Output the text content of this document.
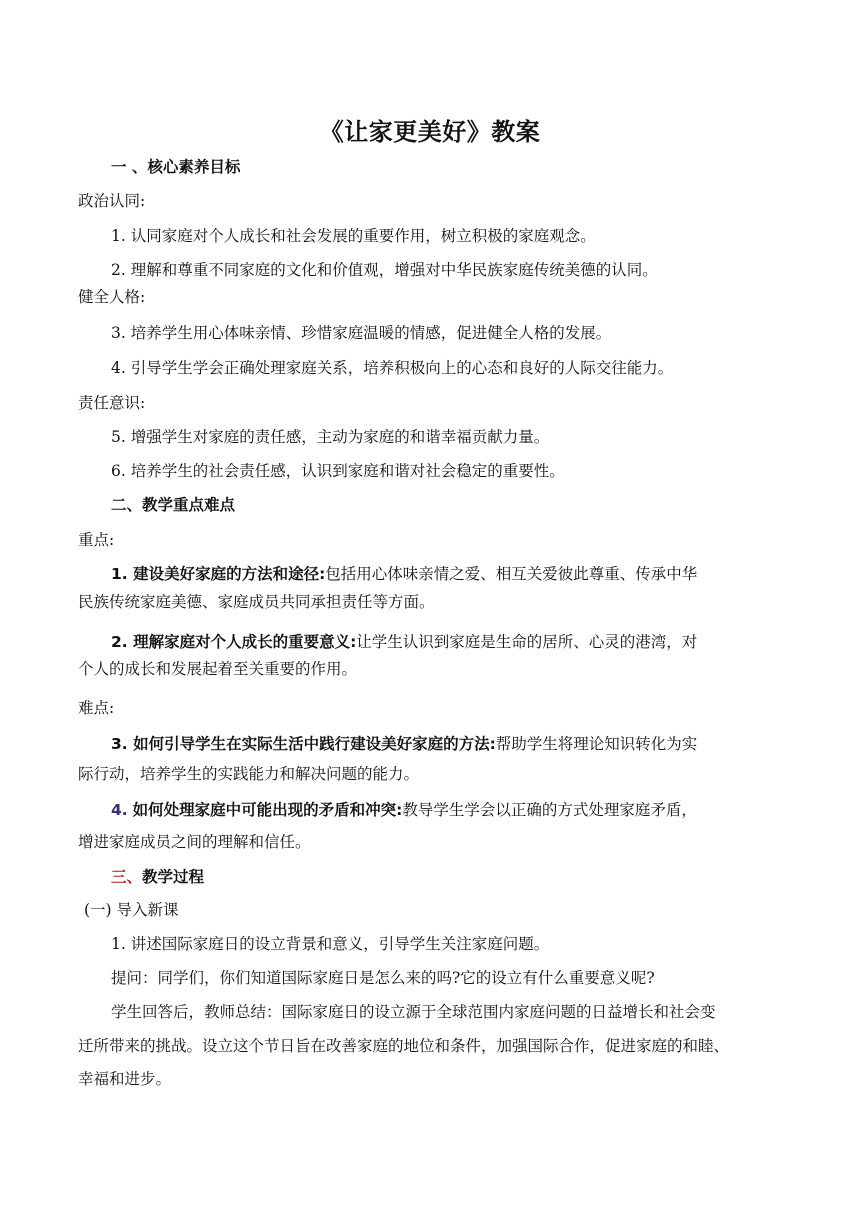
《让家更美好》教案
一 、核心素养目标
政治认同:
1. 认同家庭对个人成长和社会发展的重要作用，树立积极的家庭观念。
2. 理解和尊重不同家庭的文化和价值观，增强对中华民族家庭传统美德的认同。
健全人格:
3. 培养学生用心体味亲情、珍惜家庭温暖的情感，促进健全人格的发展。
4. 引导学生学会正确处理家庭关系，培养积极向上的心态和良好的人际交往能力。
责任意识:
5. 增强学生对家庭的责任感，主动为家庭的和谐幸福贡献力量。
6. 培养学生的社会责任感，认识到家庭和谐对社会稳定的重要性。
二、教学重点难点
重点:
1. 建设美好家庭的方法和途径:包括用心体味亲情之爱、相互关爱彼此尊重、传承中华
民族传统家庭美德、家庭成员共同承担责任等方面。
2. 理解家庭对个人成长的重要意义:让学生认识到家庭是生命的居所、心灵的港湾，对
个人的成长和发展起着至关重要的作用。
难点:
3. 如何引导学生在实际生活中践行建设美好家庭的方法:帮助学生将理论知识转化为实
际行动，培养学生的实践能力和解决问题的能力。
4. 如何处理家庭中可能出现的矛盾和冲突:教导学生学会以正确的方式处理家庭矛盾，
增进家庭成员之间的理解和信任。
三、教学过程
(一) 导入新课
1. 讲述国际家庭日的设立背景和意义，引导学生关注家庭问题。
提问：同学们，你们知道国际家庭日是怎么来的吗?它的设立有什么重要意义呢?
学生回答后，教师总结：国际家庭日的设立源于全球范围内家庭问题的日益增长和社会变
迁所带来的挑战。设立这个节日旨在改善家庭的地位和条件，加强国际合作，促进家庭的和睦、
幸福和进步。
